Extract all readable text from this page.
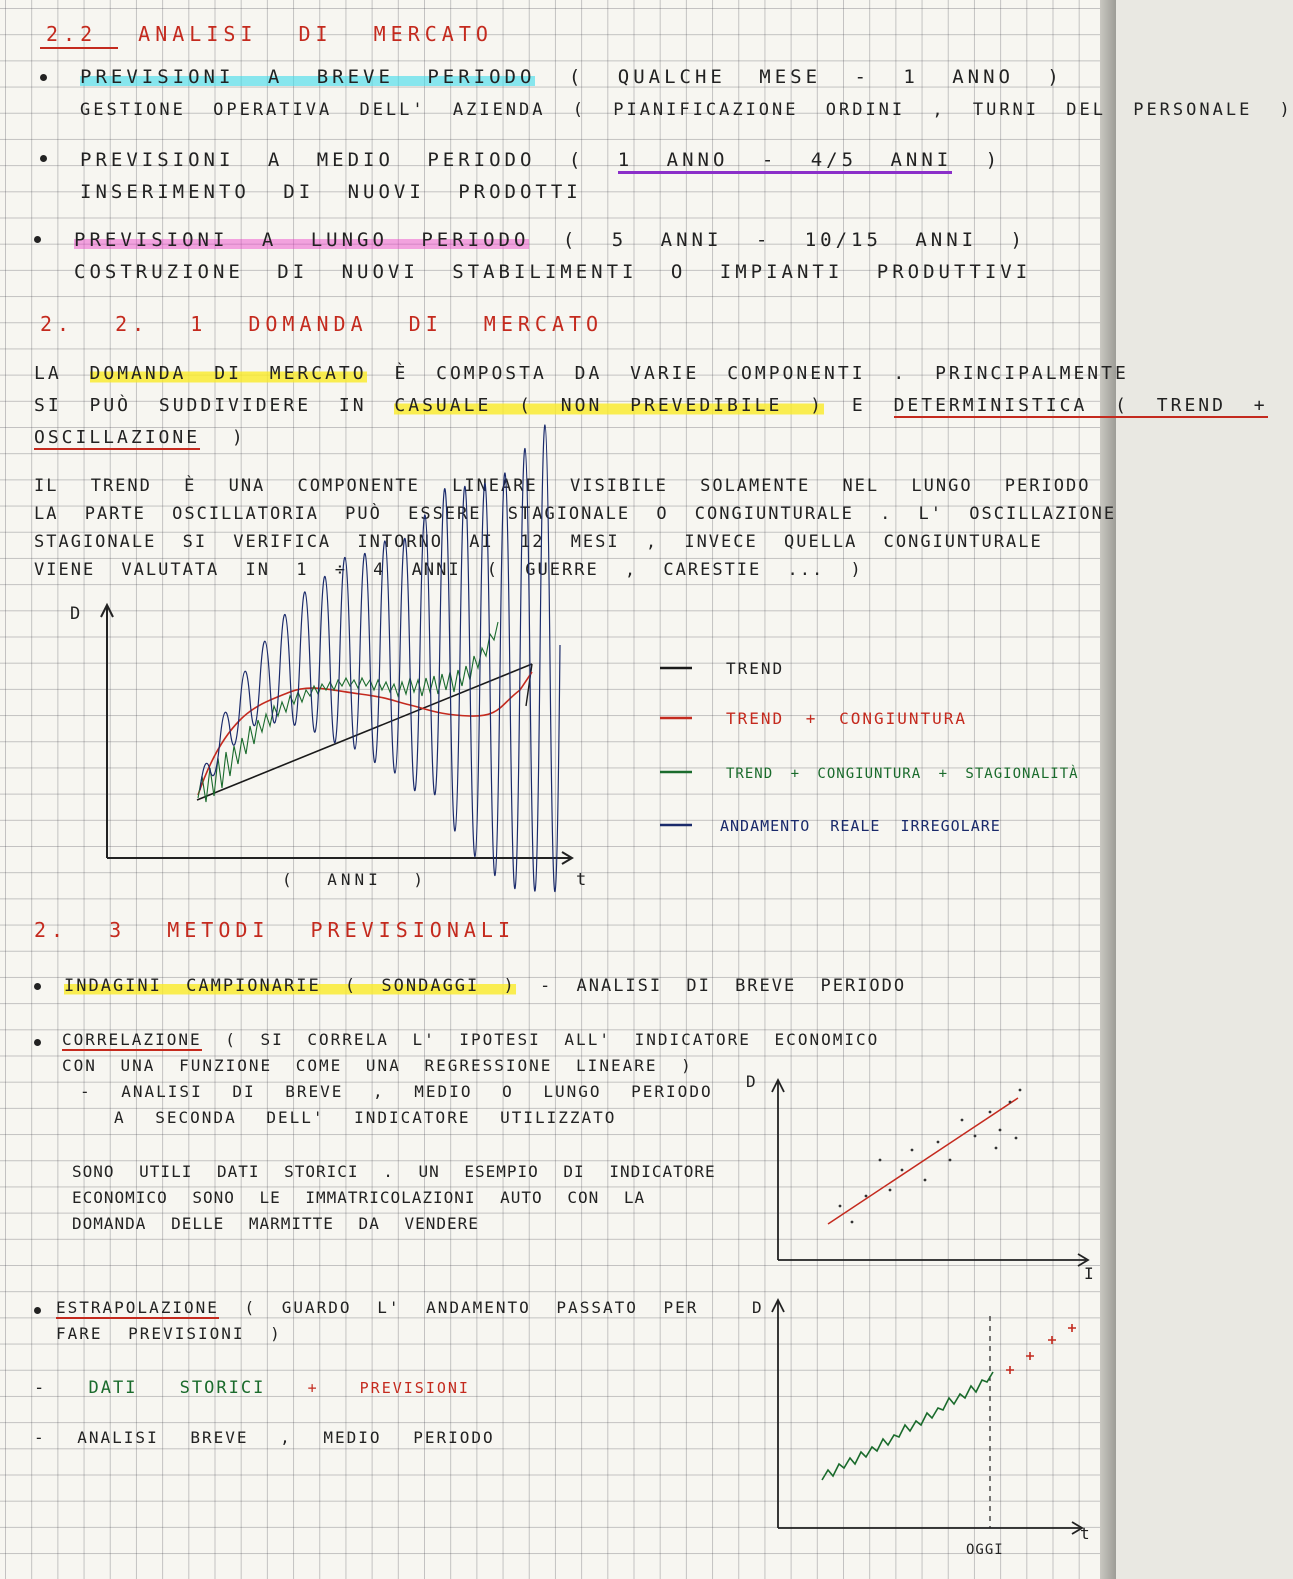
2.2 ANALISI DI MERCATO
PREVISIONI A BREVE PERIODO ( QUALCHE MESE - 1 ANNO )
GESTIONE OPERATIVA DELL' AZIENDA ( PIANIFICAZIONE ORDINI , TURNI DEL PERSONALE )
PREVISIONI A MEDIO PERIODO ( 1 ANNO - 4/5 ANNI )
INSERIMENTO DI NUOVI PRODOTTI
PREVISIONI A LUNGO PERIODO ( 5 ANNI - 10/15 ANNI )
COSTRUZIONE DI NUOVI STABILIMENTI O IMPIANTI PRODUTTIVI
2. 2. 1 DOMANDA DI MERCATO
LA DOMANDA DI MERCATO È COMPOSTA DA VARIE COMPONENTI . PRINCIPALMENTE
SI PUÒ SUDDIVIDERE IN CASUALE ( NON PREVEDIBILE ) E DETERMINISTICA ( TREND +
OSCILLAZIONE )
IL TREND È UNA COMPONENTE LINEARE VISIBILE SOLAMENTE NEL LUNGO PERIODO
LA PARTE OSCILLATORIA PUÒ ESSERE STAGIONALE O CONGIUNTURALE . L' OSCILLAZIONE
STAGIONALE SI VERIFICA INTORNO AI 12 MESI , INVECE QUELLA CONGIUNTURALE
VIENE VALUTATA IN 1 ÷ 4 ANNI ( GUERRE , CARESTIE ... )
D
t
( ANNI )
TREND
TREND + CONGIUNTURA
TREND + CONGIUNTURA + STAGIONALITÀ
ANDAMENTO REALE IRREGOLARE
2. 3 METODI PREVISIONALI
INDAGINI CAMPIONARIE ( SONDAGGI ) - ANALISI DI BREVE PERIODO
CORRELAZIONE ( SI CORRELA L' IPOTESI ALL' INDICATORE ECONOMICO
CON UNA FUNZIONE COME UNA REGRESSIONE LINEARE )
- ANALISI DI BREVE , MEDIO O LUNGO PERIODO
A SECONDA DELL' INDICATORE UTILIZZATO
SONO UTILI DATI STORICI . UN ESEMPIO DI INDICATORE
ECONOMICO SONO LE IMMATRICOLAZIONI AUTO CON LA
DOMANDA DELLE MARMITTE DA VENDERE
D
I
ESTRAPOLAZIONE ( GUARDO L' ANDAMENTO PASSATO PER
FARE PREVISIONI )
- DATI STORICI	+ PREVISIONI
- ANALISI BREVE , MEDIO PERIODO
D
t
OGGI
